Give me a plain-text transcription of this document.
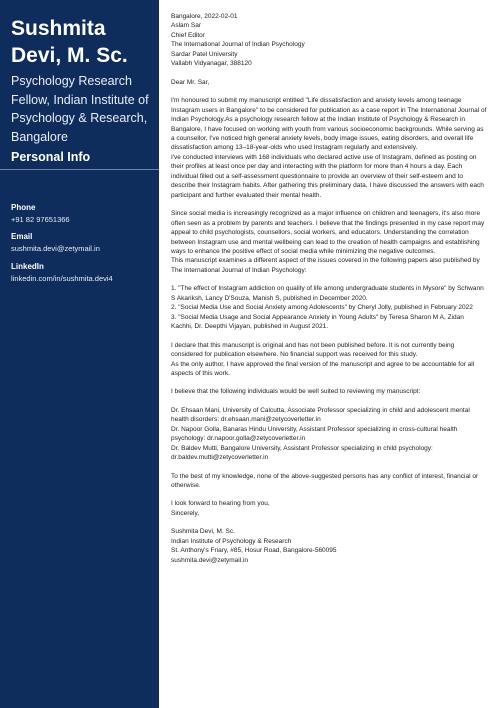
Sushmita
Devi, M. Sc.
Psychology Research Fellow, Indian Institute of Psychology & Research, Bangalore
Personal Info
Phone
+91 82 97651366
Email
sushmita.devi@zetymail.in
LinkedIn
linkedin.com/in/sushmita.devi4
Bangalore, 2022-02-01
Aslam Sar
Chief Editor
The International Journal of Indian Psychology
Sardar Patel University
Vallabh Vidyanagar, 388120
Dear Mr. Sar,
I'm honoured to submit my manuscript entitled "Life dissatisfaction and anxiety levels among teenage Instagram users in Bangalore" to be considered for publication as a case report in The International Journal of Indian Psychology.As a psychology research fellow at the Indian Institute of Psychology & Research in Bangalore, I have focused on working with youth from various socioeconomic backgrounds. While serving as a counsellor, I've noticed high general anxiety levels, body image issues, eating disorders, and overall life dissatisfaction among 13–18-year-olds who used Instagram regularly and extensively.
I've conducted interviews with 168 individuals who declared active use of Instagram, defined as posting on their profiles at least once per day and interacting with the platform for more than 4 hours a day. Each individual filled out a self-assessment questionnaire to provide an overview of their self-esteem and to describe their Instagram habits. After gathering this preliminary data, I have discussed the answers with each participant and further evaluated their mental health.
Since social media is increasingly recognized as a major influence on children and teenagers, it's also more often seen as a problem by parents and teachers. I believe that the findings presented in my case report may appeal to child psychologists, counsellors, social workers, and educators. Understanding the correlation between Instagram use and mental wellbeing can lead to the creation of health campaigns and establishing ways to enhance the positive effect of social media while minimizing the negative outcomes.
This manuscript examines a different aspect of the issues covered in the following papers also published by The International Journal of Indian Psychology:
1. "The effect of Instagram addiction on quality of life among undergraduate students in Mysore" by Schwann S Akariksh, Lancy D'Souza, Manish S, published in December 2020.
2. "Social Media Use and Social Anxiety among Adolescents" by Cheryl Jolly, published in February 2022
3. "Social Media Usage and Social Appearance Anxiety in Young Adults" by Teresa Sharon M A, Zidan Kachhi, Dr. Deepthi Vijayan, published in August 2021.
I declare that this manuscript is original and has not been published before. It is not currently being considered for publication elsewhere. No financial support was received for this study.
As the only author, I have approved the final version of the manuscript and agree to be accountable for all aspects of this work.
I believe that the following individuals would be well suited to reviewing my manuscript:
Dr. Ehsaan Mani, University of Calcutta, Associate Professor specializing in child and adolescent mental health disorders: dr.ehsaan.mani@zetycoverletter.in
Dr. Napoor Golla, Banaras Hindu University, Assistant Professor specializing in cross-cultural health psychology: dr.napoor.golla@zetycoverletter.in
Dr. Baldev Mutti, Bangalore University, Assistant Professor specializing in child psychology: dr.baldev.mutti@zetycoverletter.in
To the best of my knowledge, none of the above-suggested persons has any conflict of interest, financial or otherwise.
I look forward to hearing from you,
Sincerely,
Sushmita Devi, M. Sc.
Indian Institute of Psychology & Research
St. Anthony's Friary, #85, Hosur Road, Bangalore-560095
sushmita.devi@zetymail.in
